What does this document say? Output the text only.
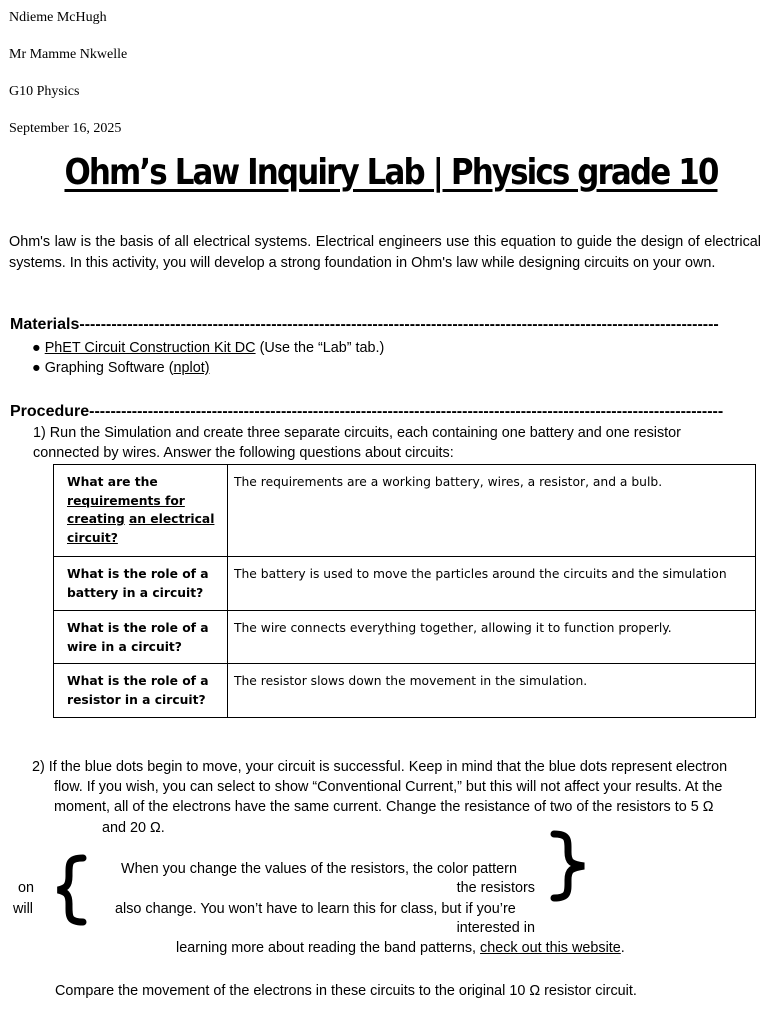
Ndieme McHugh
Mr Mamme Nkwelle
G10 Physics
September 16, 2025
Ohm’s Law Inquiry Lab | Physics grade 10
Ohm's law is the basis of all electrical systems. Electrical engineers use this equation to guide the design of electrical systems. In this activity, you will develop a strong foundation in Ohm's law while designing circuits on your own.
Materials------------------------------------------------------------------------------------------------------------------------
● PhET Circuit Construction Kit DC (Use the “Lab” tab.)
● Graphing Software (nplot)
Procedure-----------------------------------------------------------------------------------------------------------------------
1) Run the Simulation and create three separate circuits, each containing one battery and one resistor
connected by wires. Answer the following questions about circuits:
What are the
requirements for
creating an electrical
circuit?	The requirements are a working battery, wires, a resistor, and a bulb.
What is the role of a battery in a circuit?	The battery is used to move the particles around the circuits and the simulation
What is the role of a wire in a circuit?	The wire connects everything together, allowing it to function properly.
What is the role of a resistor in a circuit?	The resistor slows down the movement in the simulation.
2) If the blue dots begin to move, your circuit is successful. Keep in mind that the blue dots represent electron
flow. If you wish, you can select to show “Conventional Current,” but this will not affect your results. At the
moment, all of the electrons have the same current. Change the resistance of two of the resistors to 5 Ω
and 20 Ω.
on
will
When you change the values of the resistors, the color pattern
the resistors
also change. You won’t have to learn this for class, but if you’re
interested in
learning more about reading the band patterns, check out this website.
Compare the movement of the electrons in these circuits to the original 10 Ω resistor circuit.
